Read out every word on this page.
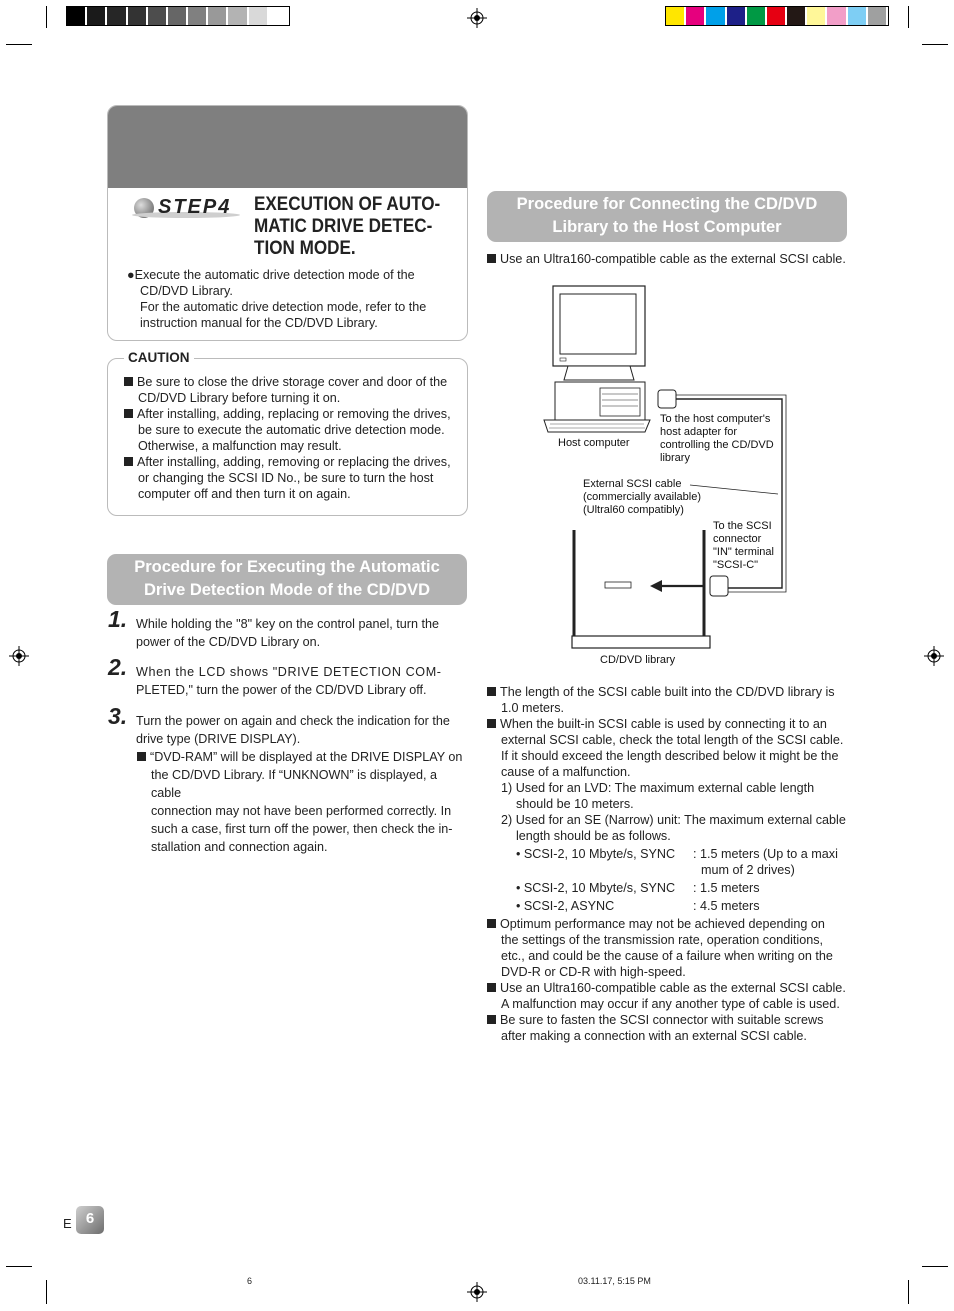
STEP4 EXECUTION OF AUTO-
MATIC DRIVE DETEC-
TION MODE.

●Execute the automatic drive detection mode of the

CD/DVD Library.

For the automatic drive detection mode, refer to the

instruction manual for the CD/DVD Library.

CAUTION

Be sure to close the drive storage cover and door of the

CD/DVD Library before turning it on.

After installing, adding, replacing or removing the drives,

be sure to execute the automatic drive detection mode.

Otherwise, a malfunction may result.

After installing, adding, removing or replacing the drives,

or changing the SCSI ID No., be sure to turn the host

computer off and then turn it on again.

Procedure for Executing the Automatic
Drive Detection Mode of the CD/DVD
1. While holding the "8" key on the control panel, turn the
power of the CD/DVD Library on.
2. When the LCD shows "DRIVE DETECTION COM-
PLETED," turn the power of the CD/DVD Library off.
3. Turn the power on again and check the indication for the
drive type (DRIVE DISPLAY).
“DVD-RAM” will be displayed at the DRIVE DISPLAY on
the CD/DVD Library. If “UNKNOWN” is displayed, a cable
connection may not have been performed correctly. In
such a case, first turn off the power, then check the in-
stallation and connection again.
Procedure for Connecting the CD/DVD
Library to the Host Computer
Use an Ultra160-compatible cable as the external SCSI cable.
Host computer
To the host computer's
host adapter for
controlling the CD/DVD
library
External SCSI cable
(commercially available)
(Ultral60 compatibly)
To the SCSI
connector
"IN" terminal
"SCSI-C"
CD/DVD library
The length of the SCSI cable built into the CD/DVD library is
1.0 meters.
When the built-in SCSI cable is used by connecting it to an
external SCSI cable, check the total length of the SCSI cable.
If it should exceed the length described below it might be the
cause of a malfunction.
1) Used for an LVD: The maximum external cable length
should be 10 meters.
2) Used for an SE (Narrow) unit: The maximum external cable
length should be as follows.
• SCSI-2, 10 Mbyte/s, SYNC : 1.5 meters (Up to a maxi
mum of 2 drives)
• SCSI-2, 10 Mbyte/s, SYNC : 1.5 meters
• SCSI-2, ASYNC	: 4.5 meters
Optimum performance may not be achieved depending on
the settings of the transmission rate, operation conditions,
etc., and could be the cause of a failure when writing on the
DVD-R or CD-R with high-speed.
Use an Ultra160-compatible cable as the external SCSI cable.
A malfunction may occur if any another type of cable is used.
Be sure to fasten the SCSI connector with suitable screws
after making a connection with an external SCSI cable.
E 6
6	03.11.17, 5:15 PM
